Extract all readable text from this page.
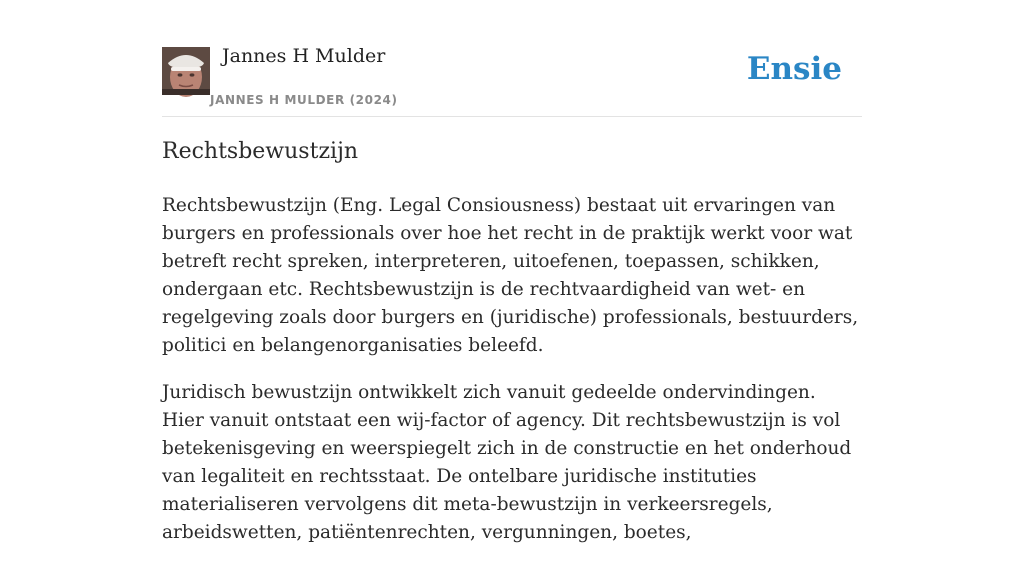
Jannes H Mulder
JANNES H MULDER (2024)
Ensie
Rechtsbewustzijn

Rechtsbewustzijn (Eng. Legal Consiousness) bestaat uit ervaringen van burgers en professionals over hoe het recht in de praktijk werkt voor wat betreft recht spreken, interpreteren, uitoefenen, toepassen, schikken, ondergaan etc. Rechtsbewustzijn is de rechtvaardigheid van wet- en regelgeving zoals door burgers en (juridische) professionals, bestuurders, politici en belangenorganisaties beleefd.

Juridisch bewustzijn ontwikkelt zich vanuit gedeelde ondervindingen. Hier vanuit ontstaat een wij-factor of agency. Dit rechtsbewustzijn is vol betekenisgeving en weerspiegelt zich in de constructie en het onderhoud van legaliteit en rechtsstaat. De ontelbare juridische instituties materialiseren vervolgens dit meta-bewustzijn in verkeersregels, arbeidswetten, patiëntenrechten, vergunningen, boetes,
